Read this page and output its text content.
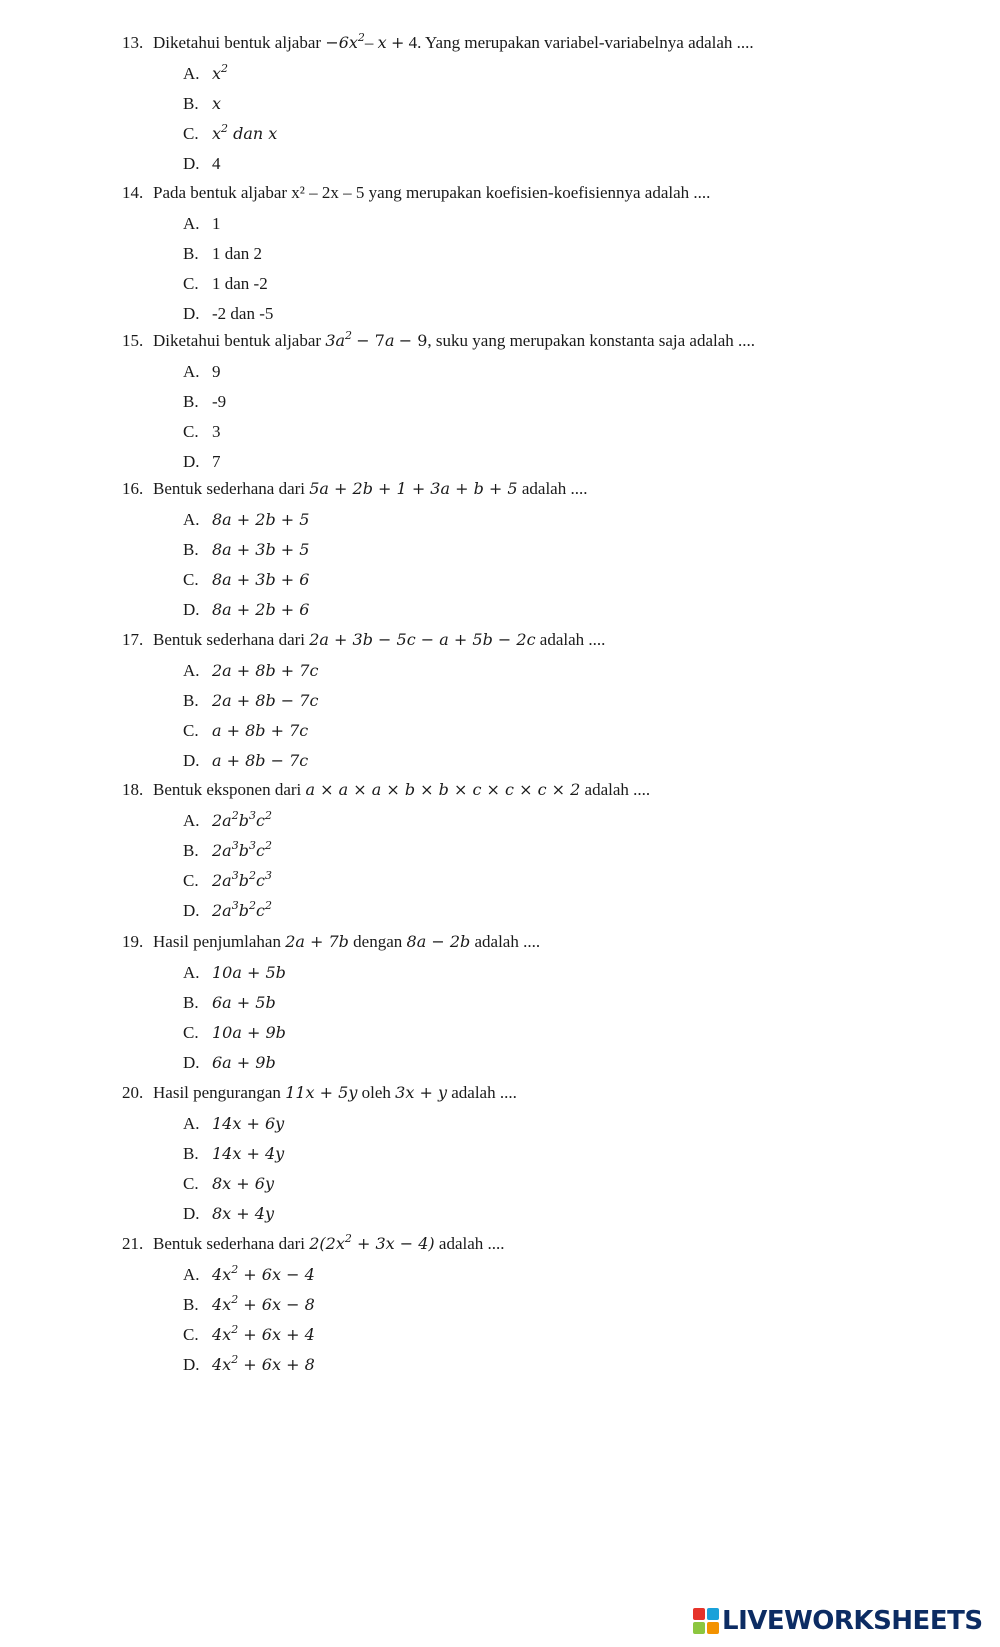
13. Diketahui bentuk aljabar $-6x^2-$ x + 4. Yang merupakan variabel-variabelnya adalah ....
A. $x^2$
B. x
C. $x^2$ dan x
D. 4
14. Pada bentuk aljabar x² – 2x – 5 yang merupakan koefisien-koefisiennya adalah ....
A. 1
B. 1 dan 2
C. 1 dan -2
D. -2 dan -5
15. Diketahui bentuk aljabar $3a^2 - 7a - 9$, suku yang merupakan konstanta saja adalah ....
A. 9
B. -9
C. 3
D. 7
16. Bentuk sederhana dari 5a + 2b + 1 + 3a + b + 5 adalah ....
A. 8a + 2b + 5
B. 8a + 3b + 5
C. 8a + 3b + 6
D. 8a + 2b + 6
17. Bentuk sederhana dari 2a + 3b − 5c − a + 5b − 2c adalah ....
A. 2a + 8b + 7c
B. 2a + 8b − 7c
C. a + 8b + 7c
D. a + 8b − 7c
18. Bentuk eksponen dari a × a × a × b × b × c × c × c × 2 adalah ....
A. $2a^2b^3c^2$
B. $2a^3b^3c^2$
C. $2a^3b^2c^3$
D. $2a^3b^2c^2$
19. Hasil penjumlahan 2a + 7b dengan 8a − 2b adalah ....
A. 10a + 5b
B. 6a + 5b
C. 10a + 9b
D. 6a + 9b
20. Hasil pengurangan 11x + 5y oleh 3x + y adalah ....
A. 14x + 6y
B. 14x + 4y
C. 8x + 6y
D. 8x + 4y
21. Bentuk sederhana dari $2(2x^2 + 3x - 4)$ adalah ....
A. $4x^2 + 6x - 4$
B. $4x^2 + 6x - 8$
C. $4x^2 + 6x + 4$
D. $4x^2 + 6x + 8$
LIVEWORKSHEETS
